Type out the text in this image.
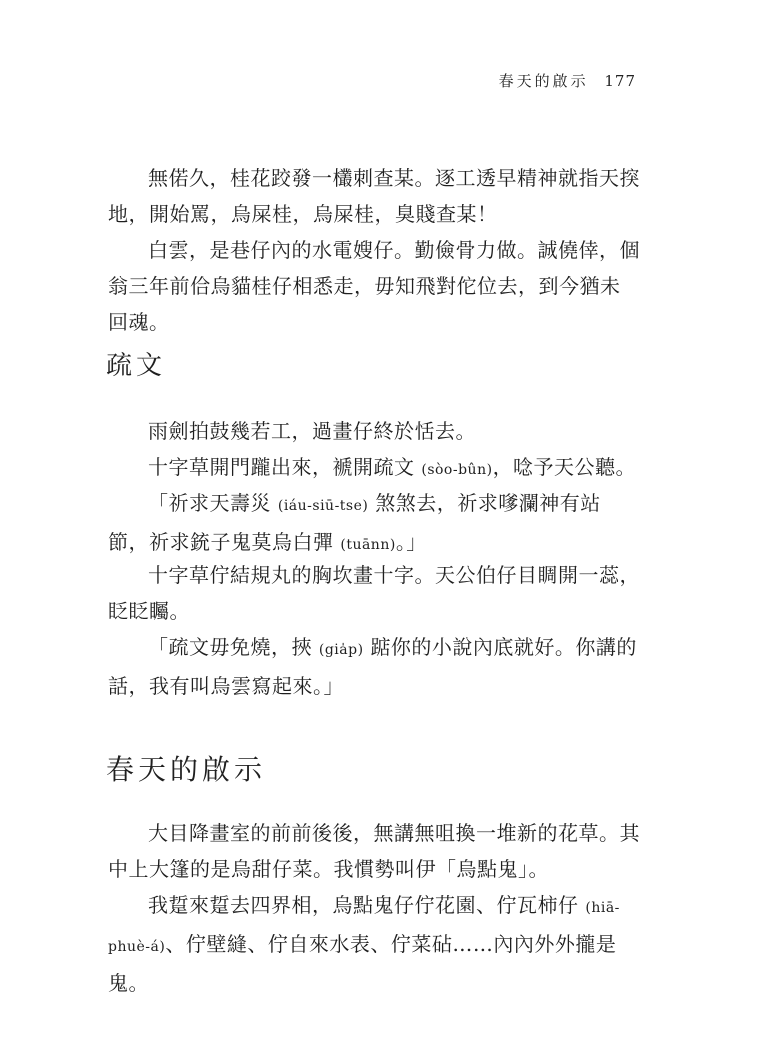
春天的啟示 177

無偌久，桂花跤發一欉刺查某。逐工透早精神就指天揬地，開始罵，烏屎桂，烏屎桂，臭賤查某！

白雲，是巷仔內的水電嫂仔。勤儉骨力做。誠僥倖，個翁三年前佮烏貓桂仔相悉走，毋知飛對佗位去，到今猶未回魂。

疏文

雨劍拍鼓幾若工，過畫仔終於恬去。

十字草開門躘出來，褫開疏文 (sòo-bûn)，唸予天公聽。

「祈求天壽災 (iáu-siū-tse) 煞煞去，祈求嗲瀾神有站節，祈求銃子鬼莫烏白彈 (tuānn)。」

十字草佇結規丸的胸坎畫十字。天公伯仔目睭開一蕊，眨眨矚。

「疏文毋免燒，挾 (gia̍p) 踮你的小說內底就好。你講的話，我有叫烏雲寫起來。」

春天的啟示

大目降畫室的前前後後，無講無咀換一堆新的花草。其中上大篷的是烏甜仔菜。我慣勢叫伊「烏點鬼」。

我踅來踅去四界相，烏點鬼仔佇花園、佇瓦柿仔 (hiā-phuè-á)、佇壁縫、佇自來水表、佇菜砧……內內外外攏是鬼。
